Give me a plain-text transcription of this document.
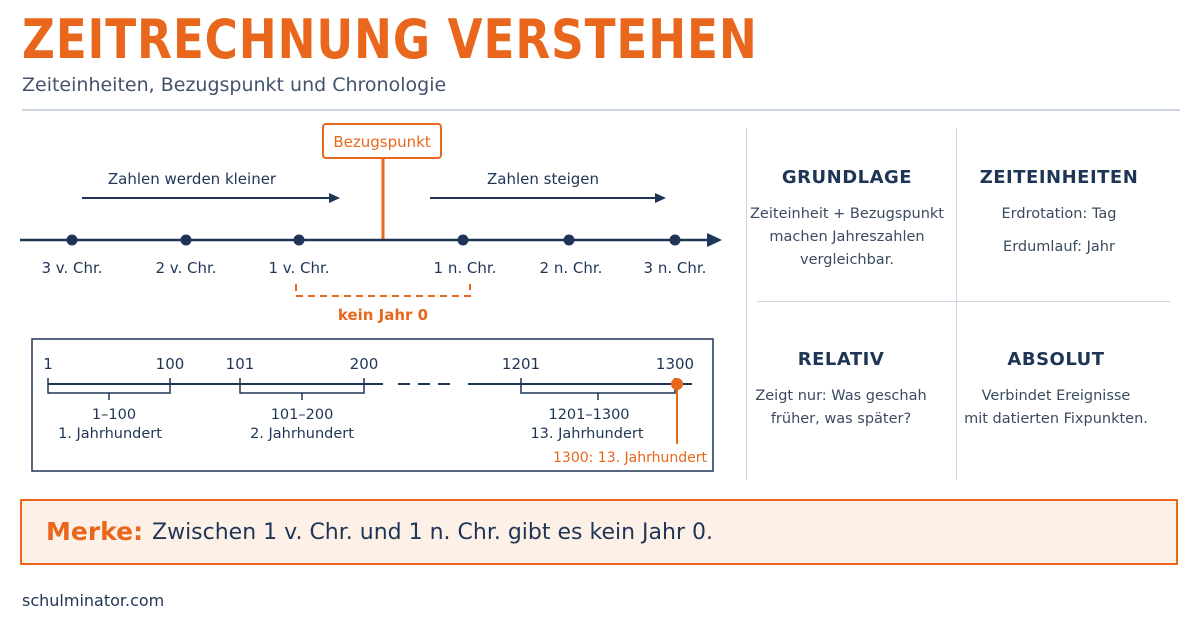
ZEITRECHNUNG VERSTEHEN
Zeiteinheiten, Bezugspunkt und Chronologie
Bezugspunkt
Zahlen werden kleiner	Zahlen steigen
3 v. Chr.	2 v. Chr.	1 v. Chr.	1 n. Chr.	2 n. Chr.	3 n. Chr.
kein Jahr 0
1	100	101	200	1201	1300
1–100
1. Jahrhundert
101–200
2. Jahrhundert
1201–1300
13. Jahrhundert
1300: 13. Jahrhundert
GRUNDLAGE

Zeiteinheit + Bezugspunkt

machen Jahreszahlen

vergleichbar.

ZEITEINHEITEN

Erdrotation: Tag

Erdumlauf: Jahr

RELATIV

Zeigt nur: Was geschah

früher, was später?

ABSOLUT

Verbindet Ereignisse

mit datierten Fixpunkten.

Merke: Zwischen 1 v. Chr. und 1 n. Chr. gibt es kein Jahr 0.
schulminator.com
